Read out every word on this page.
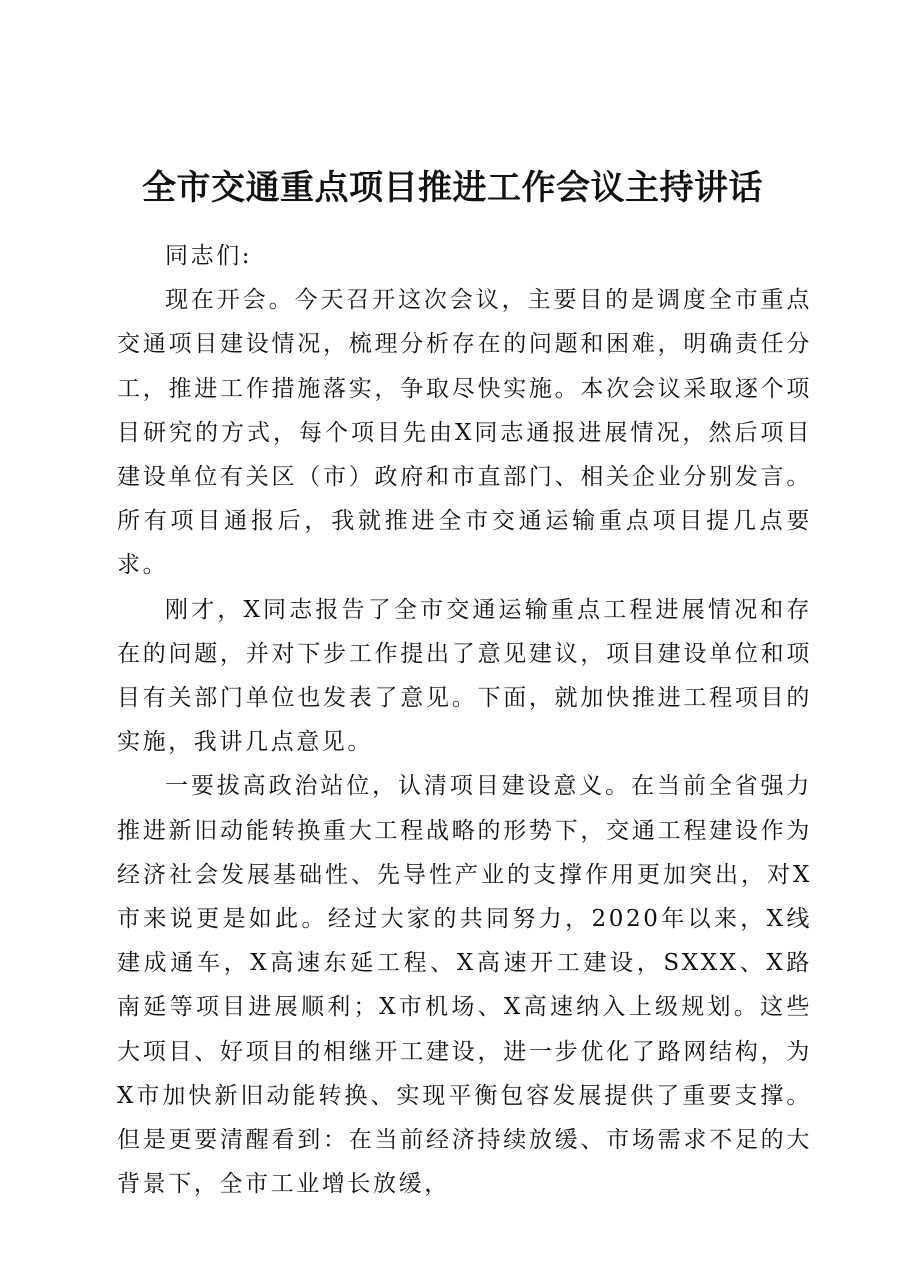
全市交通重点项目推进工作会议主持讲话

同志们:

现在开会。今天召开这次会议，主要目的是调度全市重点交通项目建设情况，梳理分析存在的问题和困难，明确责任分工，推进工作措施落实，争取尽快实施。本次会议采取逐个项目研究的方式，每个项目先由X同志通报进展情况，然后项目建设单位有关区（市）政府和市直部门、相关企业分别发言。所有项目通报后，我就推进全市交通运输重点项目提几点要求。

刚才，X同志报告了全市交通运输重点工程进展情况和存在的问题，并对下步工作提出了意见建议，项目建设单位和项目有关部门单位也发表了意见。下面，就加快推进工程项目的实施，我讲几点意见。

一要拔高政治站位，认清项目建设意义。在当前全省强力推进新旧动能转换重大工程战略的形势下，交通工程建设作为经济社会发展基础性、先导性产业的支撑作用更加突出，对X市来说更是如此。经过大家的共同努力，2020年以来，X线建成通车，X高速东延工程、X高速开工建设，SXXX、X路南延等项目进展顺利；X市机场、X高速纳入上级规划。这些大项目、好项目的相继开工建设，进一步优化了路网结构，为X市加快新旧动能转换、实现平衡包容发展提供了重要支撑。但是更要清醒看到：在当前经济持续放缓、市场需求不足的大背景下，全市工业增长放缓，
